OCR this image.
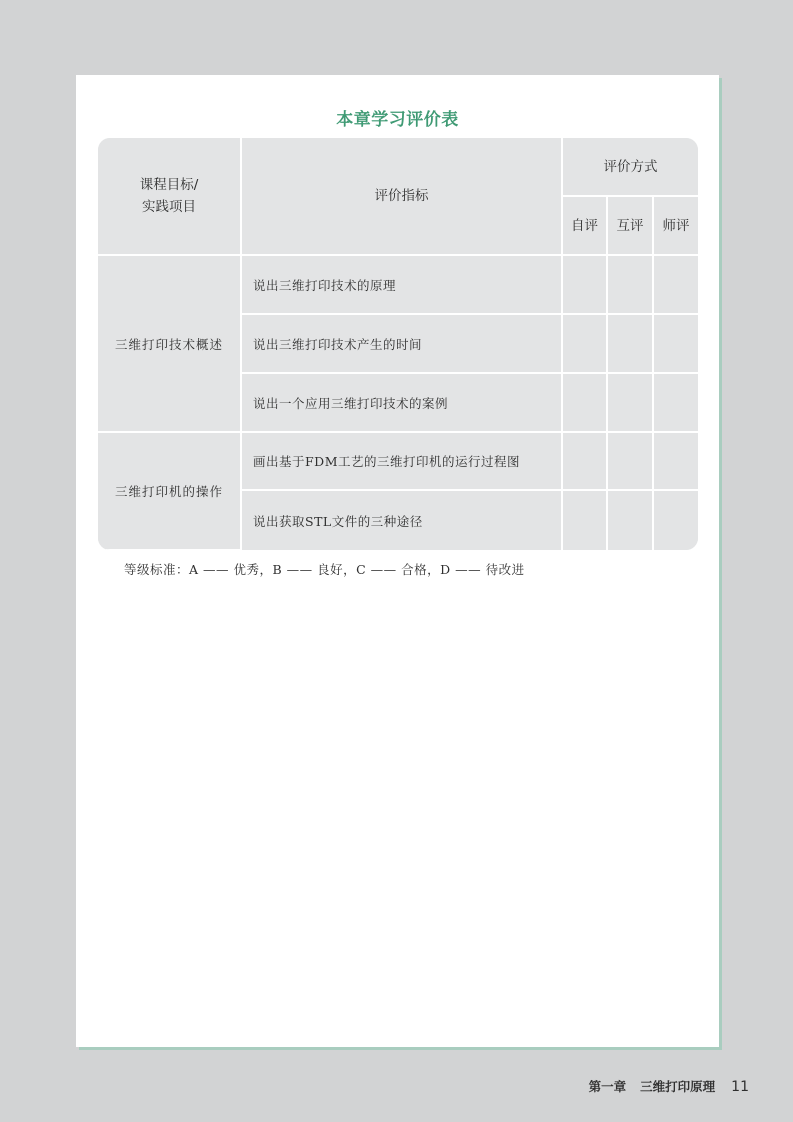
本章学习评价表
课程目标/
实践项目	评价指标	评价方式		
		自评	互评	师评
三维打印技术概述	说出三维打印技术的原理			
	说出三维打印技术产生的时间			
	说出一个应用三维打印技术的案例			
三维打印机的操作	画出基于FDM工艺的三维打印机的运行过程图			
	说出获取STL文件的三种途径			
等级标准：A —— 优秀，B —— 良好，C —— 合格，D —— 待改进
第一章 三维打印原理 11
